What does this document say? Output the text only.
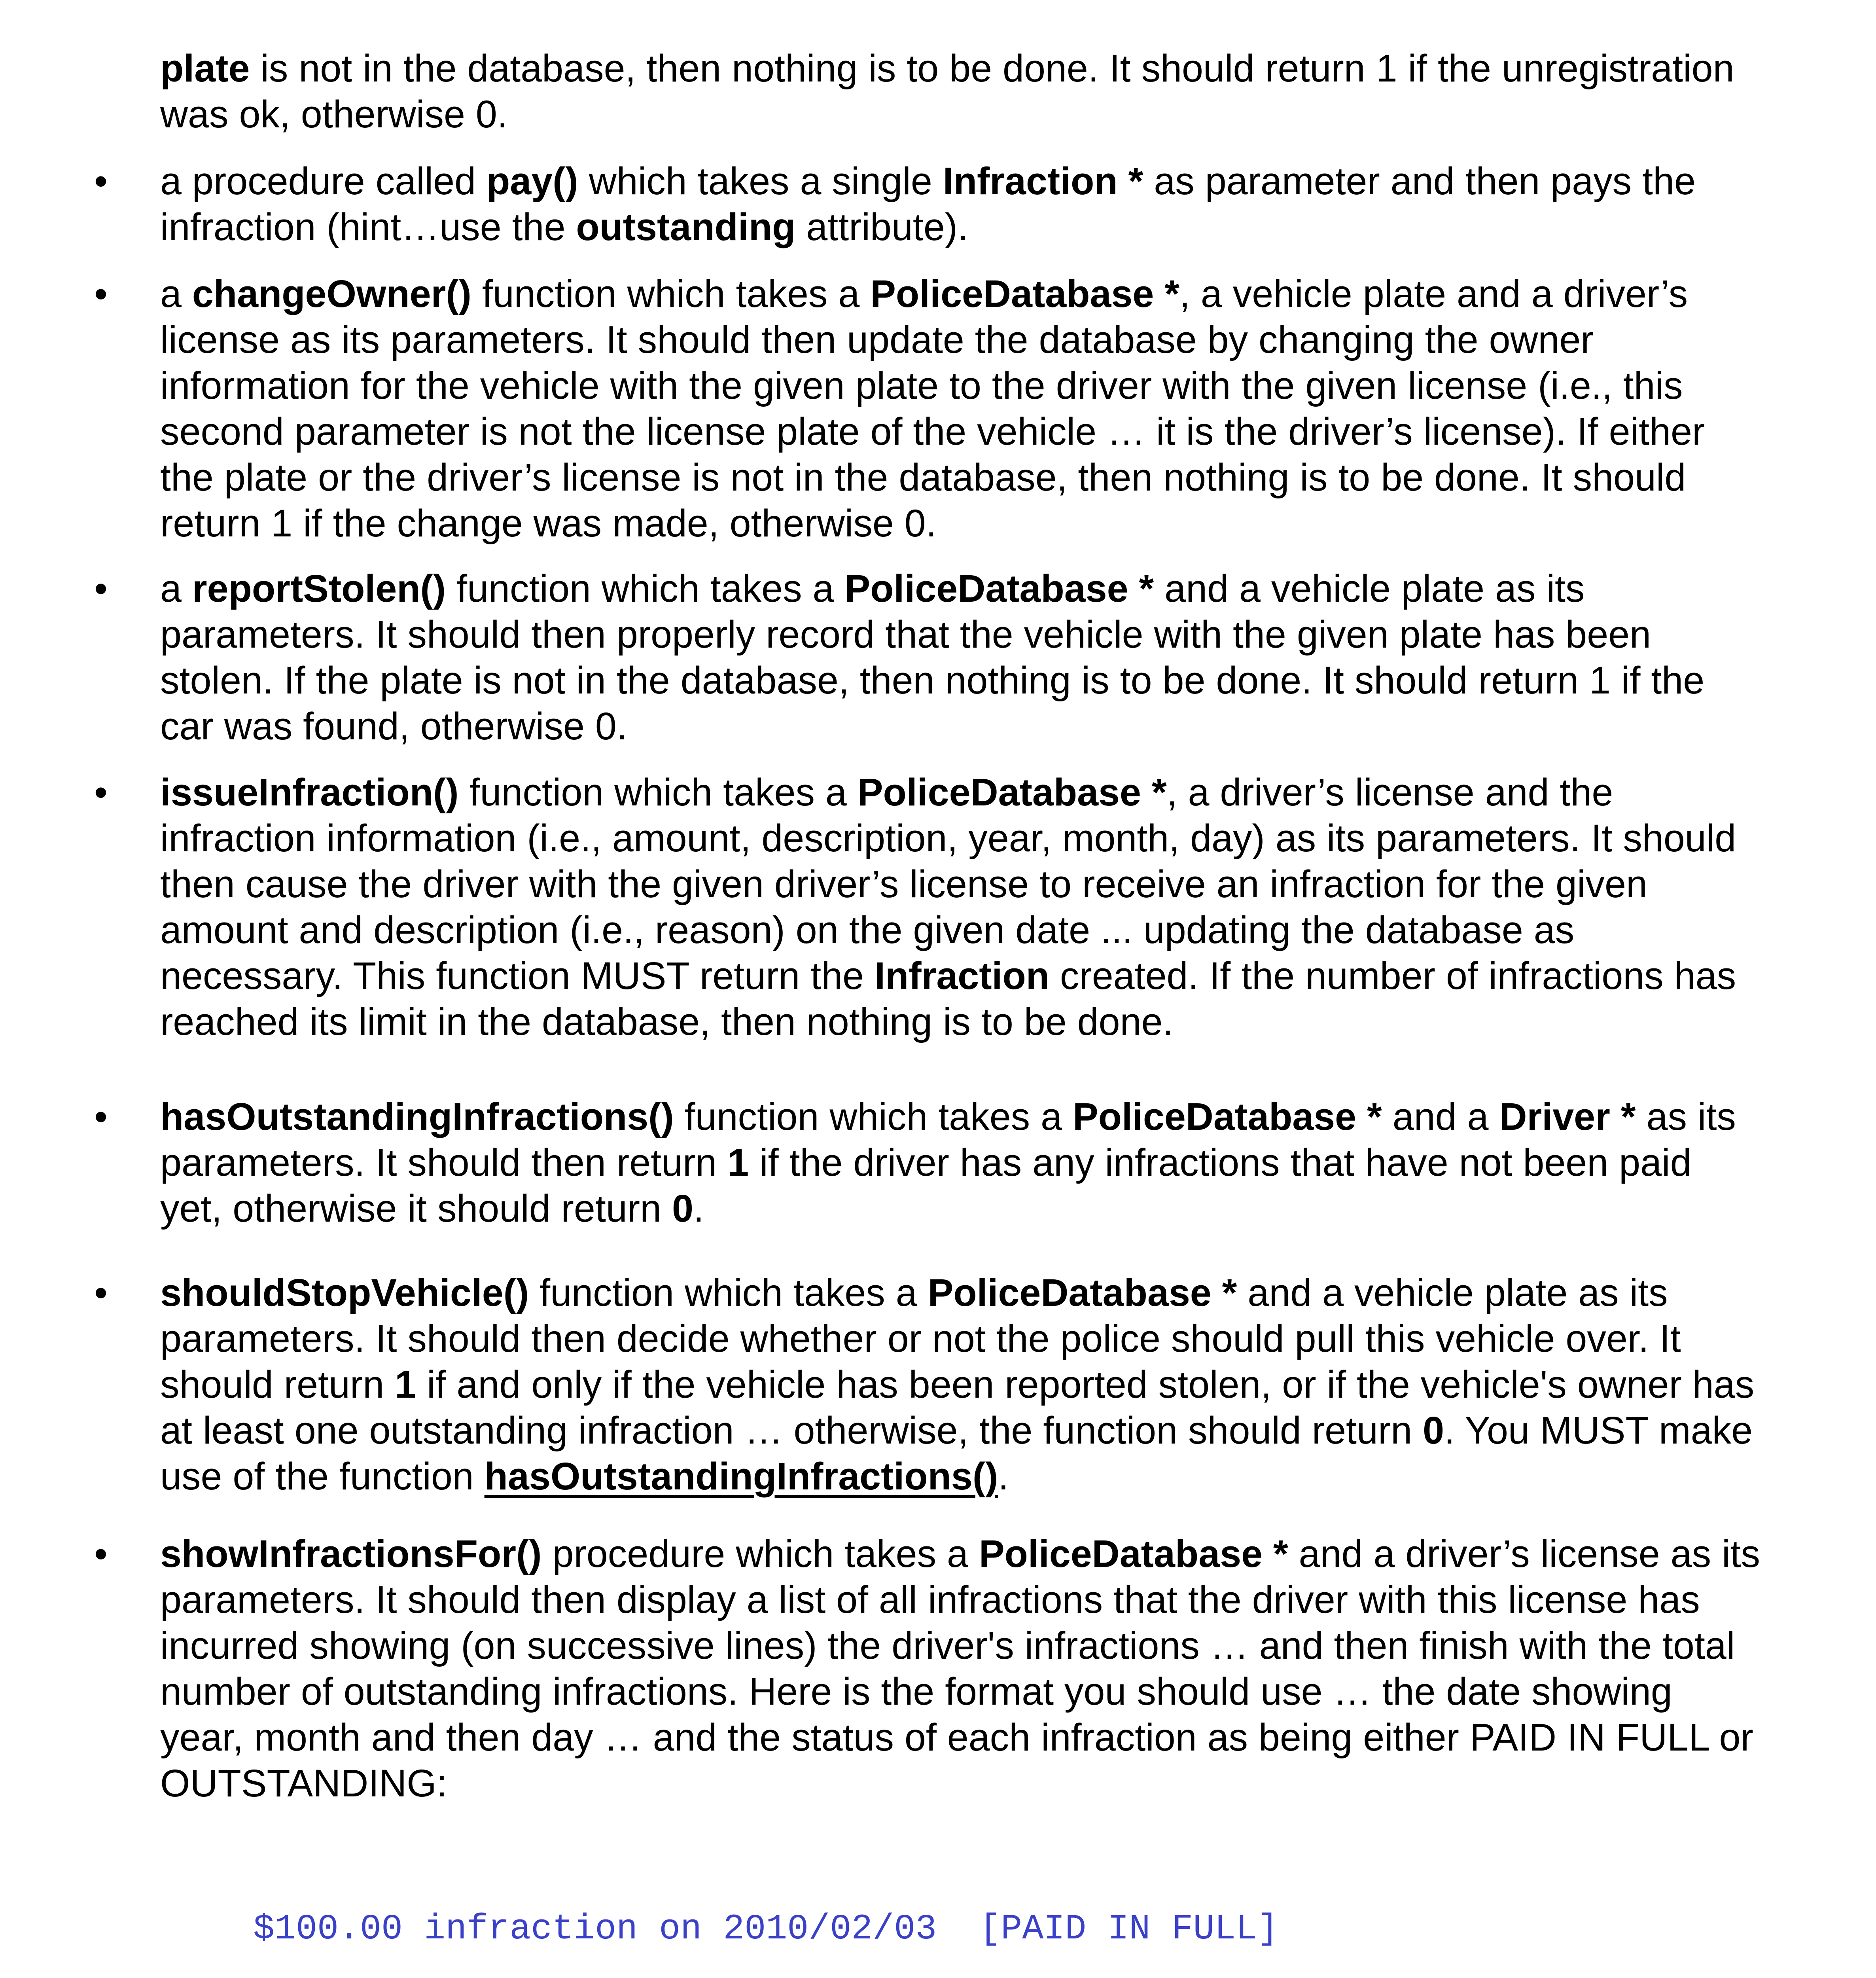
plate is not in the database, then nothing is to be done. It should return 1 if the unregistration
was ok, otherwise 0.

•

a procedure called pay() which takes a single Infraction * as parameter and then pays the
infraction (hint…use the outstanding attribute).

•

a changeOwner() function which takes a PoliceDatabase *, a vehicle plate and a driver’s
license as its parameters. It should then update the database by changing the owner
information for the vehicle with the given plate to the driver with the given license (i.e., this
second parameter is not the license plate of the vehicle … it is the driver’s license). If either
the plate or the driver’s license is not in the database, then nothing is to be done. It should
return 1 if the change was made, otherwise 0.

•

a reportStolen() function which takes a PoliceDatabase * and a vehicle plate as its
parameters. It should then properly record that the vehicle with the given plate has been
stolen. If the plate is not in the database, then nothing is to be done. It should return 1 if the
car was found, otherwise 0.

•

issueInfraction() function which takes a PoliceDatabase *, a driver’s license and the
infraction information (i.e., amount, description, year, month, day) as its parameters. It should
then cause the driver with the given driver’s license to receive an infraction for the given
amount and description (i.e., reason) on the given date ... updating the database as
necessary. This function MUST return the Infraction created. If the number of infractions has
reached its limit in the database, then nothing is to be done.

•

hasOutstandingInfractions() function which takes a PoliceDatabase * and a Driver * as its
parameters. It should then return 1 if the driver has any infractions that have not been paid
yet, otherwise it should return 0.

•

shouldStopVehicle() function which takes a PoliceDatabase * and a vehicle plate as its
parameters. It should then decide whether or not the police should pull this vehicle over. It
should return 1 if and only if the vehicle has been reported stolen, or if the vehicle's owner has
at least one outstanding infraction … otherwise, the function should return 0. You MUST make
use of the function hasOutstandingInfractions().

•

showInfractionsFor() procedure which takes a PoliceDatabase * and a driver’s license as its
parameters. It should then display a list of all infractions that the driver with this license has
incurred showing (on successive lines) the driver's infractions … and then finish with the total
number of outstanding infractions. Here is the format you should use … the date showing
year, month and then day … and the status of each infraction as being either PAID IN FULL or
OUTSTANDING:

$100.00 infraction on 2010/02/03  [PAID IN FULL]
